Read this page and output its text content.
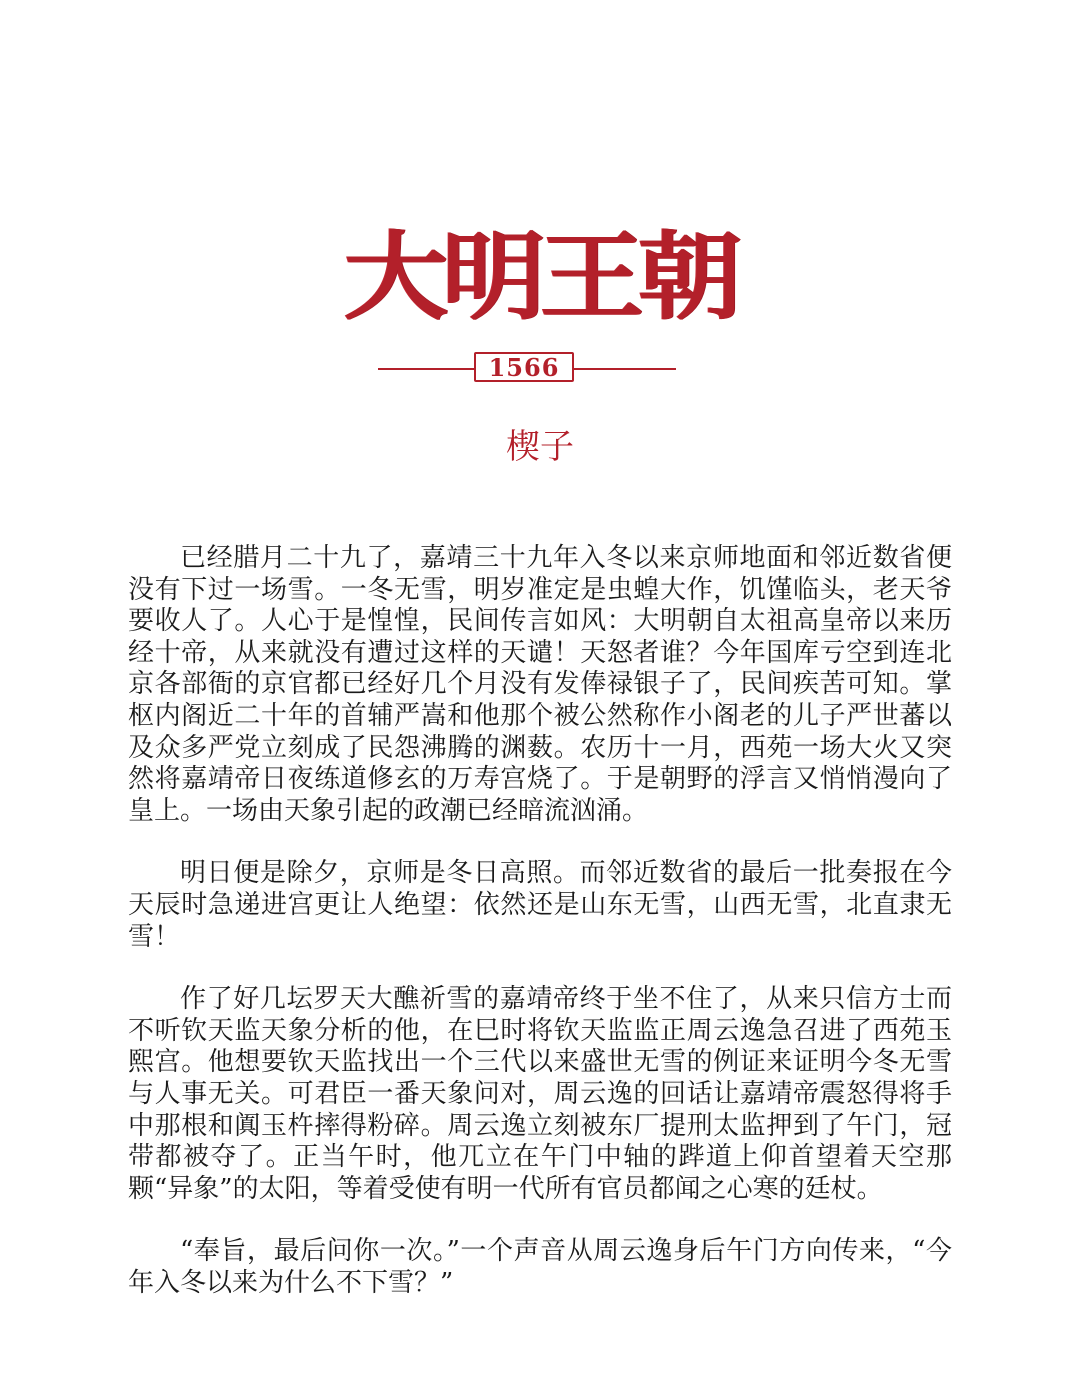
大明王朝
1566
楔子

已经腊月二十九了，嘉靖三十九年入冬以来京师地面和邻近数省便没有下过一场雪。一冬无雪，明岁准定是虫蝗大作，饥馑临头，老天爷要收人了。人心于是惶惶，民间传言如风：大明朝自太祖高皇帝以来历经十帝，从来就没有遭过这样的天谴！天怒者谁？今年国库亏空到连北京各部衙的京官都已经好几个月没有发俸禄银子了，民间疾苦可知。掌枢内阁近二十年的首辅严嵩和他那个被公然称作小阁老的儿子严世蕃以及众多严党立刻成了民怨沸腾的渊薮。农历十一月，西苑一场大火又突然将嘉靖帝日夜练道修玄的万寿宫烧了。于是朝野的浮言又悄悄漫向了皇上。一场由天象引起的政潮已经暗流汹涌。

明日便是除夕，京师是冬日高照。而邻近数省的最后一批奏报在今天辰时急递进宫更让人绝望：依然还是山东无雪，山西无雪，北直隶无雪！

作了好几坛罗天大醮祈雪的嘉靖帝终于坐不住了，从来只信方士而不听钦天监天象分析的他，在巳时将钦天监监正周云逸急召进了西苑玉熙宫。他想要钦天监找出一个三代以来盛世无雪的例证来证明今冬无雪与人事无关。可君臣一番天象问对，周云逸的回话让嘉靖帝震怒得将手中那根和阗玉杵摔得粉碎。周云逸立刻被东厂提刑太监押到了午门，冠带都被夺了。正当午时，他兀立在午门中轴的跸道上仰首望着天空那颗“异象”的太阳，等着受使有明一代所有官员都闻之心寒的廷杖。

“奉旨，最后问你一次。”一个声音从周云逸身后午门方向传来，“今年入冬以来为什么不下雪？”
